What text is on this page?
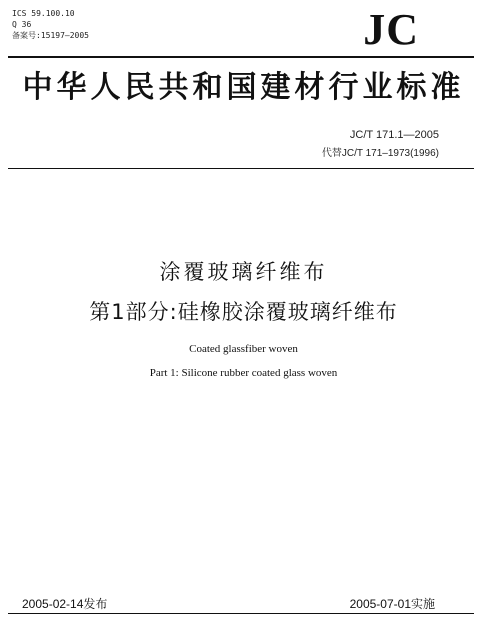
ICS 59.100.10
Q 36
备案号:15197—2005	JC
中华人民共和国建材行业标准
JC/T 171.1—2005
代替JC/T 171–1973(1996)
涂覆玻璃纤维布
第1部分:硅橡胶涂覆玻璃纤维布
Coated glassfiber woven
Part 1: Silicone rubber coated glass woven
2005-02-14发布	2005-07-01实施
